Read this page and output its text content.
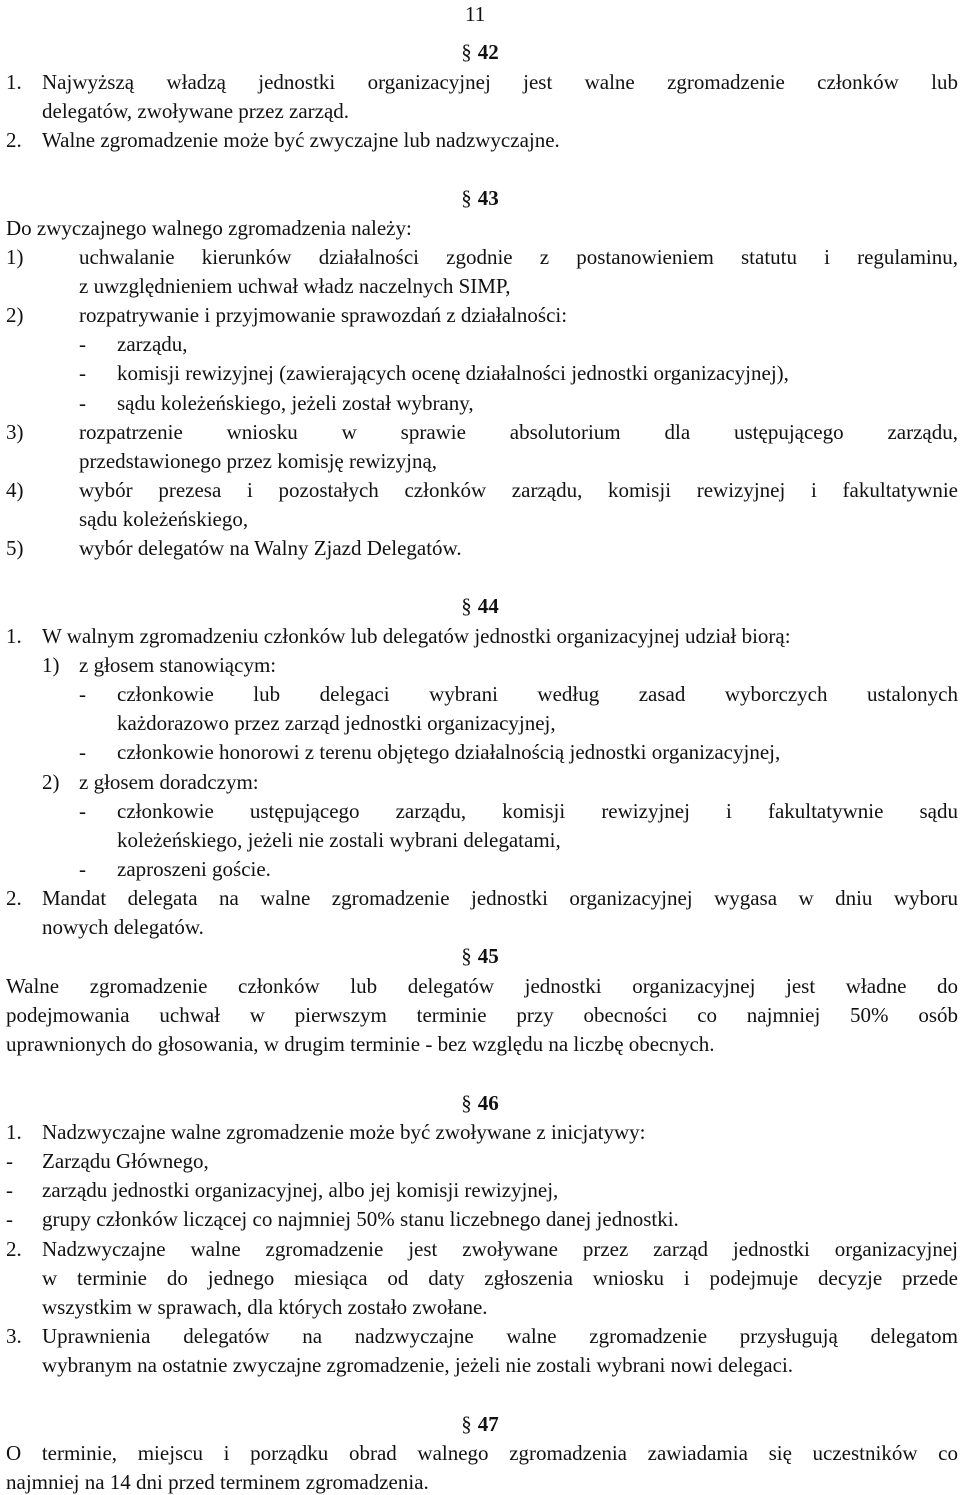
11
§ 42
1. Najwyższą władzą jednostki organizacyjnej jest walne zgromadzenie członków lub
delegatów, zwoływane przez zarząd.
2. Walne zgromadzenie może być zwyczajne lub nadzwyczajne.
§ 43
Do zwyczajnego walnego zgromadzenia należy:
1)	uchwalanie kierunków działalności zgodnie z postanowieniem statutu i regulaminu,
z uwzględnieniem uchwał władz naczelnych SIMP,
2)	rozpatrywanie i przyjmowanie sprawozdań z działalności:
- zarządu,
- komisji rewizyjnej (zawierających ocenę działalności jednostki organizacyjnej),
- sądu koleżeńskiego, jeżeli został wybrany,
3)	rozpatrzenie wniosku w sprawie absolutorium dla ustępującego zarządu,
przedstawionego przez komisję rewizyjną,
4)	wybór prezesa i pozostałych członków zarządu, komisji rewizyjnej i fakultatywnie
sądu koleżeńskiego,
5)	wybór delegatów na Walny Zjazd Delegatów.
§ 44
1. W walnym zgromadzeniu członków lub delegatów jednostki organizacyjnej udział biorą:
1) z głosem stanowiącym:
- członkowie lub delegaci wybrani według zasad wyborczych ustalonych
każdorazowo przez zarząd jednostki organizacyjnej,
- członkowie honorowi z terenu objętego działalnością jednostki organizacyjnej,
2) z głosem doradczym:
- członkowie ustępującego zarządu, komisji rewizyjnej i fakultatywnie sądu
koleżeńskiego, jeżeli nie zostali wybrani delegatami,
- zaproszeni goście.
2. Mandat delegata na walne zgromadzenie jednostki organizacyjnej wygasa w dniu wyboru
nowych delegatów.
§ 45
Walne zgromadzenie członków lub delegatów jednostki organizacyjnej jest władne do
podejmowania uchwał w pierwszym terminie przy obecności co najmniej 50% osób
uprawnionych do głosowania, w drugim terminie - bez względu na liczbę obecnych.
§ 46
1. Nadzwyczajne walne zgromadzenie może być zwoływane z inicjatywy:
- Zarządu Głównego,
- zarządu jednostki organizacyjnej, albo jej komisji rewizyjnej,
- grupy członków liczącej co najmniej 50% stanu liczebnego danej jednostki.
2. Nadzwyczajne walne zgromadzenie jest zwoływane przez zarząd jednostki organizacyjnej
w terminie do jednego miesiąca od daty zgłoszenia wniosku i podejmuje decyzje przede
wszystkim w sprawach, dla których zostało zwołane.
3. Uprawnienia delegatów na nadzwyczajne walne zgromadzenie przysługują delegatom
wybranym na ostatnie zwyczajne zgromadzenie, jeżeli nie zostali wybrani nowi delegaci.
§ 47
O terminie, miejscu i porządku obrad walnego zgromadzenia zawiadamia się uczestników co
najmniej na 14 dni przed terminem zgromadzenia.
